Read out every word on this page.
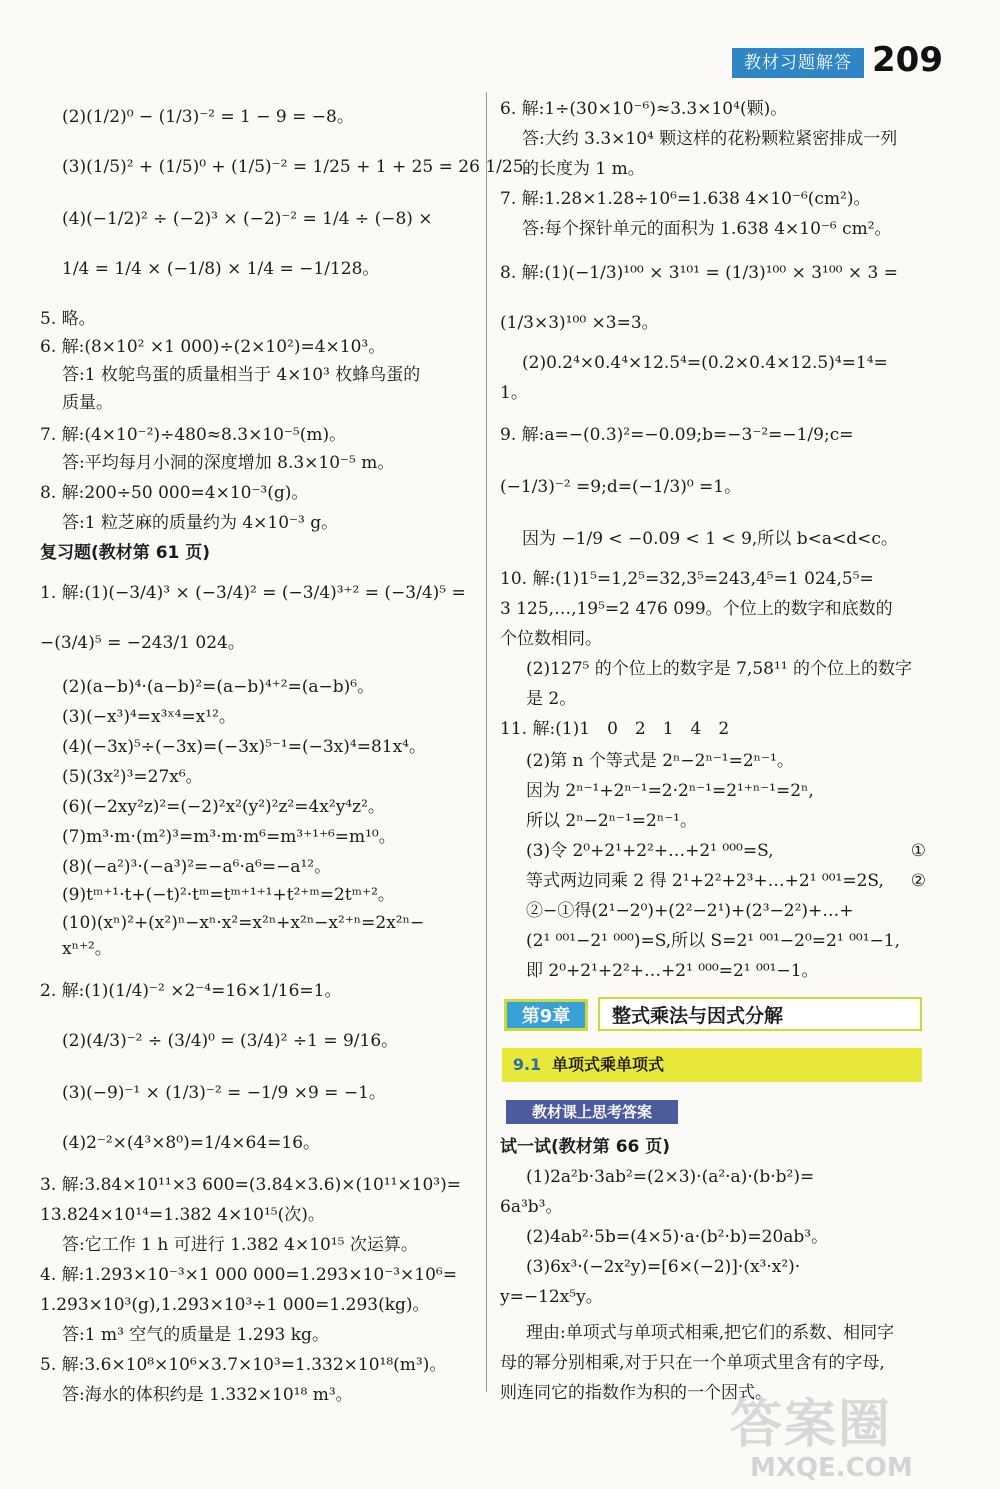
教材习题解答 209
(2)(1/2)⁰ − (1/3)⁻² = 1 − 9 = −8。
(3)(1/5)² + (1/5)⁰ + (1/5)⁻² = 1/25 + 1 + 25 = 26 1/25。
(4)(−1/2)² ÷ (−2)³ × (−2)⁻² = 1/4 ÷ (−8) ×
1/4 = 1/4 × (−1/8) × 1/4 = −1/128。
5. 略。
6. 解:(8×10² ×1 000)÷(2×10²)=4×10³。
答:1 枚鸵鸟蛋的质量相当于 4×10³ 枚蜂鸟蛋的
质量。
7. 解:(4×10⁻²)÷480≈8.3×10⁻⁵(m)。
答:平均每月小洞的深度增加 8.3×10⁻⁵ m。
8. 解:200÷50 000=4×10⁻³(g)。
答:1 粒芝麻的质量约为 4×10⁻³ g。
复习题(教材第 61 页)
1. 解:(1)(−3/4)³ × (−3/4)² = (−3/4)³⁺² = (−3/4)⁵ =
−(3/4)⁵ = −243/1 024。
(2)(a−b)⁴·(a−b)²=(a−b)⁴⁺²=(a−b)⁶。
(3)(−x³)⁴=x³ˣ⁴=x¹²。
(4)(−3x)⁵÷(−3x)=(−3x)⁵⁻¹=(−3x)⁴=81x⁴。
(5)(3x²)³=27x⁶。
(6)(−2xy²z)²=(−2)²x²(y²)²z²=4x²y⁴z²。
(7)m³·m·(m²)³=m³·m·m⁶=m³⁺¹⁺⁶=m¹⁰。
(8)(−a²)³·(−a³)²=−a⁶·a⁶=−a¹²。
(9)tᵐ⁺¹·t+(−t)²·tᵐ=tᵐ⁺¹⁺¹+t²⁺ᵐ=2tᵐ⁺²。
(10)(xⁿ)²+(x²)ⁿ−xⁿ·x²=x²ⁿ+x²ⁿ−x²⁺ⁿ=2x²ⁿ−
xⁿ⁺²。
2. 解:(1)(1/4)⁻² ×2⁻⁴=16×1/16=1。
(2)(4/3)⁻² ÷ (3/4)⁰ = (3/4)² ÷1 = 9/16。
(3)(−9)⁻¹ × (1/3)⁻² = −1/9 ×9 = −1。
(4)2⁻²×(4³×8⁰)=1/4×64=16。
3. 解:3.84×10¹¹×3 600=(3.84×3.6)×(10¹¹×10³)=
13.824×10¹⁴=1.382 4×10¹⁵(次)。
答:它工作 1 h 可进行 1.382 4×10¹⁵ 次运算。
4. 解:1.293×10⁻³×1 000 000=1.293×10⁻³×10⁶=
1.293×10³(g),1.293×10³÷1 000=1.293(kg)。
答:1 m³ 空气的质量是 1.293 kg。
5. 解:3.6×10⁸×10⁶×3.7×10³=1.332×10¹⁸(m³)。
答:海水的体积约是 1.332×10¹⁸ m³。
6. 解:1÷(30×10⁻⁶)≈3.3×10⁴(颗)。
答:大约 3.3×10⁴ 颗这样的花粉颗粒紧密排成一列
的长度为 1 m。
7. 解:1.28×1.28÷10⁶=1.638 4×10⁻⁶(cm²)。
答:每个探针单元的面积为 1.638 4×10⁻⁶ cm²。
8. 解:(1)(−1/3)¹⁰⁰ × 3¹⁰¹ = (1/3)¹⁰⁰ × 3¹⁰⁰ × 3 =
(1/3×3)¹⁰⁰ ×3=3。
(2)0.2⁴×0.4⁴×12.5⁴=(0.2×0.4×12.5)⁴=1⁴=
1。
9. 解:a=−(0.3)²=−0.09;b=−3⁻²=−1/9;c=
(−1/3)⁻² =9;d=(−1/3)⁰ =1。
因为 −1/9 < −0.09 < 1 < 9,所以 b<a<d<c。
10. 解:(1)1⁵=1,2⁵=32,3⁵=243,4⁵=1 024,5⁵=
3 125,…,19⁵=2 476 099。个位上的数字和底数的
个位数相同。
(2)127⁵ 的个位上的数字是 7,58¹¹ 的个位上的数字
是 2。
11. 解:(1)1　0　2　1　4　2
(2)第 n 个等式是 2ⁿ−2ⁿ⁻¹=2ⁿ⁻¹。
因为 2ⁿ⁻¹+2ⁿ⁻¹=2·2ⁿ⁻¹=2¹⁺ⁿ⁻¹=2ⁿ,
所以 2ⁿ−2ⁿ⁻¹=2ⁿ⁻¹。
(3)令 2⁰+2¹+2²+…+2¹ ⁰⁰⁰=S,
等式两边同乘 2 得 2¹+2²+2³+…+2¹ ⁰⁰¹=2S,
②−①得(2¹−2⁰)+(2²−2¹)+(2³−2²)+…+
(2¹ ⁰⁰¹−2¹ ⁰⁰⁰)=S,所以 S=2¹ ⁰⁰¹−2⁰=2¹ ⁰⁰¹−1,
即 2⁰+2¹+2²+…+2¹ ⁰⁰⁰=2¹ ⁰⁰¹−1。
①
②
试一试(教材第 66 页)
(1)2a²b·3ab²=(2×3)·(a²·a)·(b·b²)=
6a³b³。
(2)4ab²·5b=(4×5)·a·(b²·b)=20ab³。
(3)6x³·(−2x²y)=[6×(−2)]·(x³·x²)·
y=−12x⁵y。
理由:单项式与单项式相乘,把它们的系数、相同字
母的幂分别相乘,对于只在一个单项式里含有的字母,
则连同它的指数作为积的一个因式。
第9章	整式乘法与因式分解
9.1 单项式乘单项式
教材课上思考答案
答案圈
MXQE.COM
